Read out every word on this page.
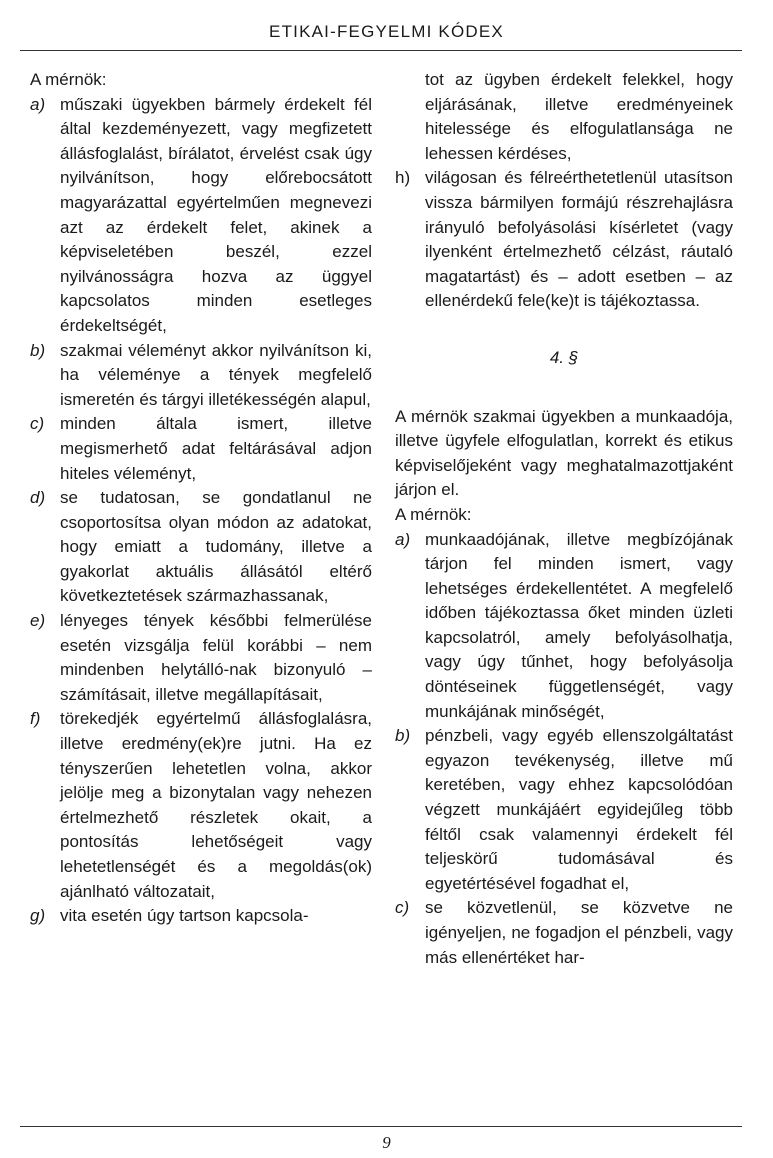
ETIKAI-FEGYELMI KÓDEX

A mérnök:

a) műszaki ügyekben bármely érdekelt fél által kezdeményezett, vagy megfizetett állásfoglalást, bírálatot, érvelést csak úgy nyilvánítson, hogy előrebocsátott magyarázattal egyértelműen megnevezi azt az érdekelt felet, akinek a képviseletében beszél, ezzel nyilvánosságra hozva az üggyel kapcsolatos minden esetleges érdekeltségét,
b) szakmai véleményt akkor nyilvánítson ki, ha véleménye a tények megfelelő ismeretén és tárgyi illetékességén alapul,
c) minden általa ismert, illetve megismerhető adat feltárásával adjon hiteles véleményt,
d) se tudatosan, se gondatlanul ne csoportosítsa olyan módon az adatokat, hogy emiatt a tudomány, illetve a gyakorlat aktuális állásától eltérő következtetések származhassanak,
e) lényeges tények későbbi felmerülése esetén vizsgálja felül korábbi – nem mindenben helytálló-nak bizonyuló – számításait, illetve megállapításait,
f)	törekedjék egyértelmű állásfoglalásra, illetve eredmény(ek)re jutni. Ha ez tényszerűen lehetetlen volna, akkor jelölje meg a bizonytalan vagy nehezen értelmezhető részletek okait, a pontosítás lehetőségeit vagy lehetetlenségét és a megoldás(ok) ajánlható változatait,
g) vita esetén úgy tartson kapcsola-

tot az ügyben érdekelt felekkel, hogy eljárásának, illetve eredményeinek hitelessége és elfogulatlansága ne lehessen kérdéses,

h) világosan és félreérthetetlenül utasítson vissza bármilyen formájú részrehajlásra irányuló befolyásolási kísérletet (vagy ilyenként értelmezhető célzást, ráutaló magatartást) és – adott esetben – az ellenérdekű fele(ke)t is tájékoztassa.
4. §

A mérnök szakmai ügyekben a munkaadója, illetve ügyfele elfogulatlan, korrekt és etikus képviselőjeként vagy meghatalmazottjaként járjon el.

A mérnök:

a) munkaadójának, illetve megbízójának tárjon fel minden ismert, vagy lehetséges érdekellentétet. A megfelelő időben tájékoztassa őket minden üzleti kapcsolatról, amely befolyásolhatja, vagy úgy tűnhet, hogy befolyásolja döntéseinek függetlenségét, vagy munkájának minőségét,
b) pénzbeli, vagy egyéb ellenszolgáltatást egyazon tevékenység, illetve mű keretében, vagy ehhez kapcsolódóan végzett munkájáért egyidejűleg több féltől csak valamennyi érdekelt fél teljeskörű tudomásával és egyetértésével fogadhat el,
c) se közvetlenül, se közvetve ne igényeljen, ne fogadjon el pénzbeli, vagy más ellenértéket har-
9
